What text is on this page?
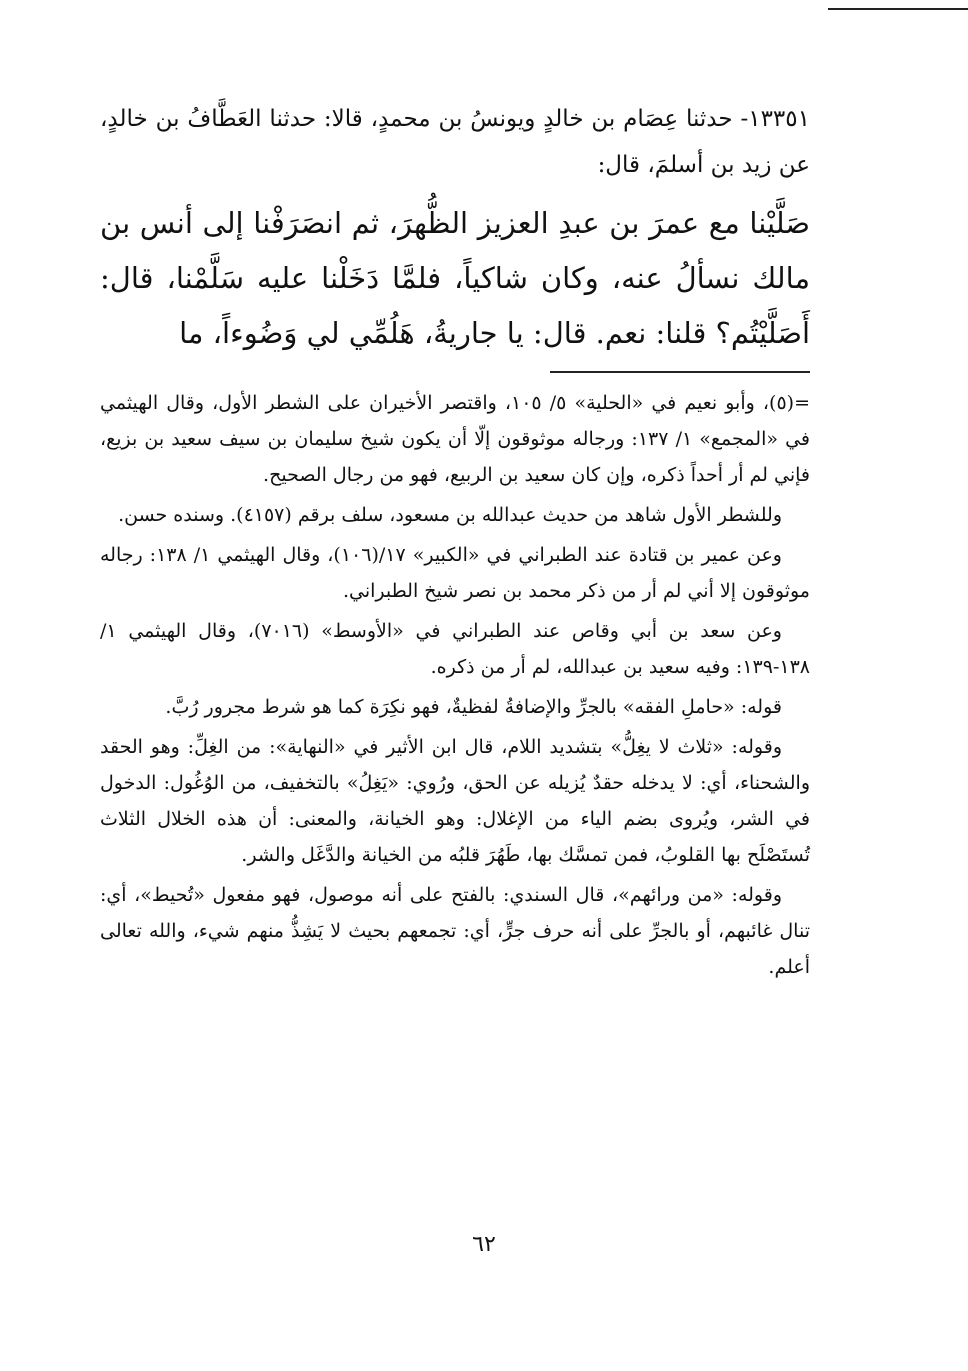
١٣٣٥١- حدثنا عِصَام بن خالدٍ ويونسُ بن محمدٍ، قالا: حدثنا العَطَّافُ بن خالدٍ، عن زيد بن أسلمَ، قال:

صَلَّيْنا مع عمرَ بن عبدِ العزيز الظُّهرَ، ثم انصَرَفْنا إلى أنس بن مالك نسألُ عنه، وكان شاكياً، فلمَّا دَخَلْنا عليه سَلَّمْنا، قال: أَصَلَّيْتُم؟ قلنا: نعم. قال: يا جاريةُ، هَلُمِّي لي وَضُوءاً، ما

=(٥)، وأبو نعيم في «الحلية» ٥/ ١٠٥، واقتصر الأخيران على الشطر الأول، وقال الهيثمي في «المجمع» ١/ ١٣٧: ورجاله موثوقون إلّا أن يكون شيخ سليمان بن سيف سعيد بن بزيع، فإني لم أر أحداً ذكره، وإن كان سعيد بن الربيع، فهو من رجال الصحيح.

وللشطر الأول شاهد من حديث عبدالله بن مسعود، سلف برقم (٤١٥٧). وسنده حسن.

وعن عمير بن قتادة عند الطبراني في «الكبير» ١٧/(١٠٦)، وقال الهيثمي ١/ ١٣٨: رجاله موثوقون إلا أني لم أر من ذكر محمد بن نصر شيخ الطبراني.

وعن سعد بن أبي وقاص عند الطبراني في «الأوسط» (٧٠١٦)، وقال الهيثمي ١/ ١٣٨-١٣٩: وفيه سعيد بن عبدالله، لم أر من ذكره.

قوله: «حاملِ الفقه» بالجرِّ والإضافةُ لفظيةٌ، فهو نكِرَة كما هو شرط مجرور رُبَّ.

وقوله: «ثلاث لا يغِلُّ» بتشديد اللام، قال ابن الأثير في «النهاية»: من الغِلِّ: وهو الحقد والشحناء، أي: لا يدخله حقدٌ يُزيله عن الحق، ورُوي: «يَغِلُ» بالتخفيف، من الوُغُول: الدخول في الشر، ويُروى بضم الياء من الإغلال: وهو الخيانة، والمعنى: أن هذه الخلال الثلاث تُستَصْلَح بها القلوبُ، فمن تمسَّك بها، طَهُرَ قلبُه من الخيانة والدَّغَل والشر.

وقوله: «من ورائهم»، قال السندي: بالفتح على أنه موصول، فهو مفعول «تُحيط»، أي: تنال غائبهم، أو بالجرِّ على أنه حرف جرٍّ، أي: تجمعهم بحيث لا يَشِذُّ منهم شيء، والله تعالى أعلم.

٦٢
